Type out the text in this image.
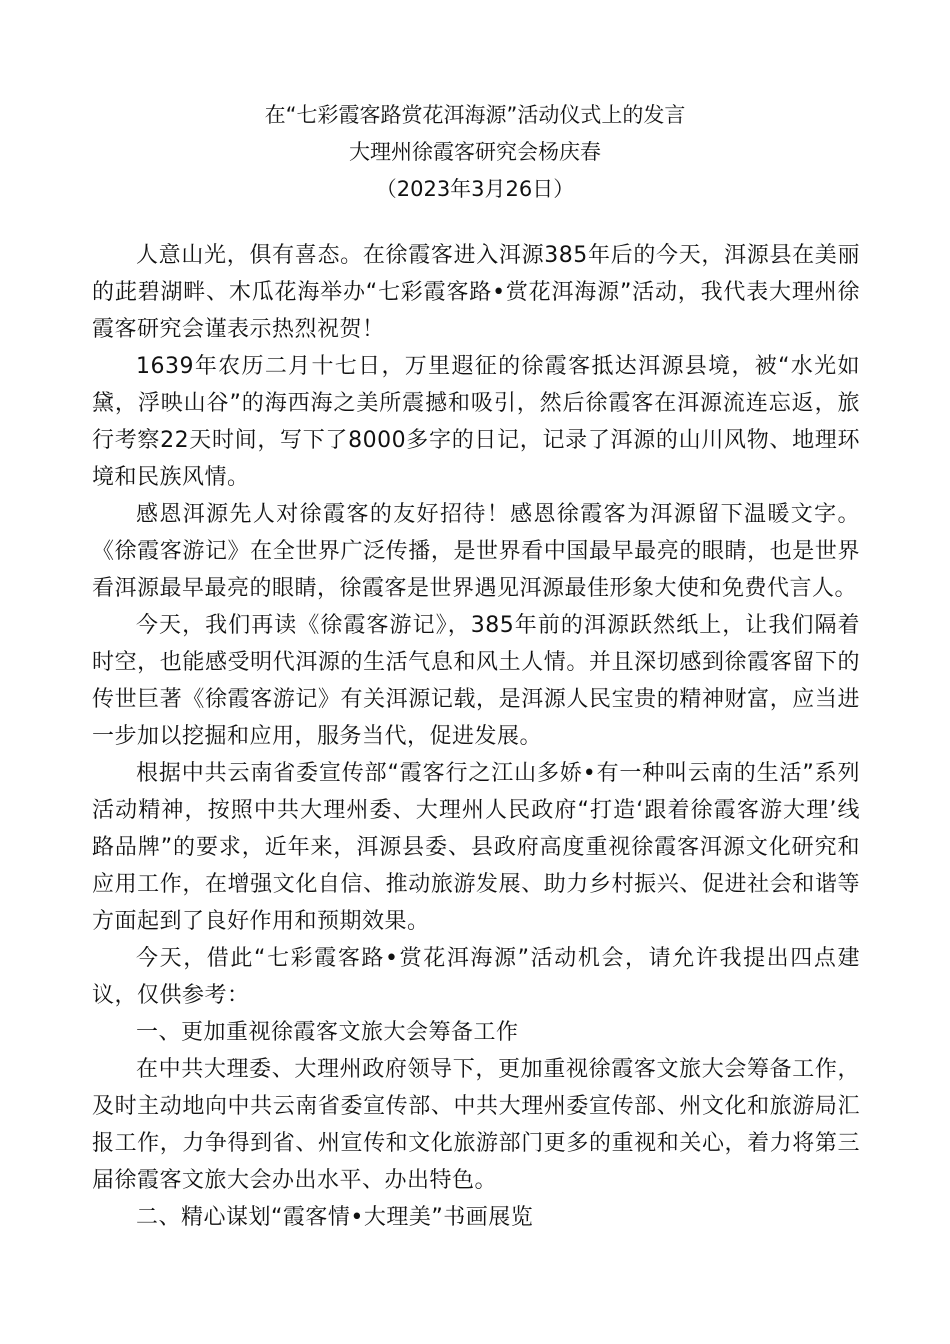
在“七彩霞客路赏花洱海源”活动仪式上的发言
大理州徐霞客研究会杨庆春
（2023年3月26日）

人意山光，俱有喜态。在徐霞客进入洱源385年后的今天，洱源县在美丽的茈碧湖畔、木瓜花海举办“七彩霞客路•赏花洱海源”活动，我代表大理州徐霞客研究会谨表示热烈祝贺！

1639年农历二月十七日，万里遐征的徐霞客抵达洱源县境，被“水光如黛，浮映山谷”的海西海之美所震撼和吸引，然后徐霞客在洱源流连忘返，旅行考察22天时间，写下了8000多字的日记，记录了洱源的山川风物、地理环境和民族风情。

感恩洱源先人对徐霞客的友好招待！感恩徐霞客为洱源留下温暖文字。《徐霞客游记》在全世界广泛传播，是世界看中国最早最亮的眼睛，也是世界看洱源最早最亮的眼睛，徐霞客是世界遇见洱源最佳形象大使和免费代言人。

今天，我们再读《徐霞客游记》，385年前的洱源跃然纸上，让我们隔着时空，也能感受明代洱源的生活气息和风土人情。并且深切感到徐霞客留下的传世巨著《徐霞客游记》有关洱源记载，是洱源人民宝贵的精神财富，应当进一步加以挖掘和应用，服务当代，促进发展。

根据中共云南省委宣传部“霞客行之江山多娇•有一种叫云南的生活”系列活动精神，按照中共大理州委、大理州人民政府“打造‘跟着徐霞客游大理’线路品牌”的要求，近年来，洱源县委、县政府高度重视徐霞客洱源文化研究和应用工作，在增强文化自信、推动旅游发展、助力乡村振兴、促进社会和谐等方面起到了良好作用和预期效果。

今天，借此“七彩霞客路•赏花洱海源”活动机会，请允许我提出四点建议，仅供参考：

一、更加重视徐霞客文旅大会筹备工作

在中共大理委、大理州政府领导下，更加重视徐霞客文旅大会筹备工作，及时主动地向中共云南省委宣传部、中共大理州委宣传部、州文化和旅游局汇报工作，力争得到省、州宣传和文化旅游部门更多的重视和关心，着力将第三届徐霞客文旅大会办出水平、办出特色。

二、精心谋划“霞客情•大理美”书画展览
